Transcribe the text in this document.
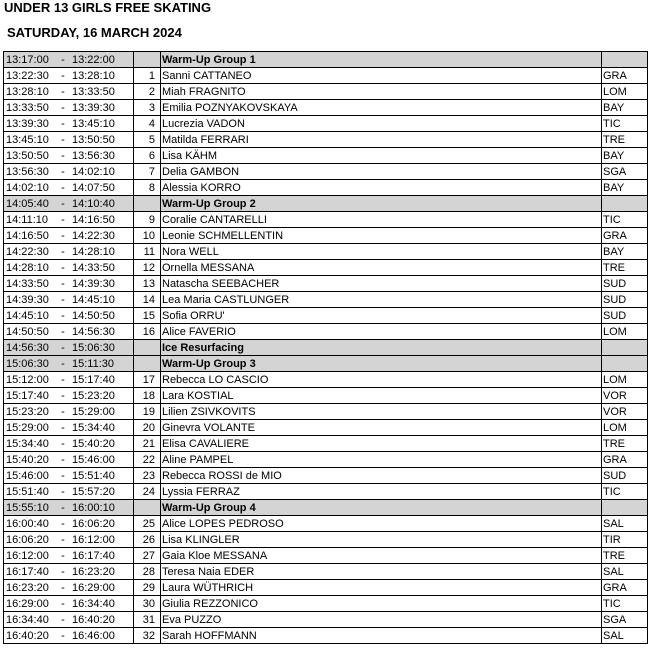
UNDER 13 GIRLS FREE SKATING
SATURDAY, 16 MARCH 2024
13:17:00 - 13:22:00		Warm-Up Group 1	
13:22:30 - 13:28:10	1	Sanni CATTANEO	GRA
13:28:10 - 13:33:50	2	Miah FRAGNITO	LOM
13:33:50 - 13:39:30	3	Emilia POZNYAKOVSKAYA	BAY
13:39:30 - 13:45:10	4	Lucrezia VADON	TIC
13:45:10 - 13:50:50	5	Matilda FERRARI	TRE
13:50:50 - 13:56:30	6	Lisa KÄHM	BAY
13:56:30 - 14:02:10	7	Delia GAMBON	SGA
14:02:10 - 14:07:50	8	Alessia KORRO	BAY
14:05:40 - 14:10:40		Warm-Up Group 2	
14:11:10 - 14:16:50	9	Coralie CANTARELLI	TIC
14:16:50 - 14:22:30	10	Leonie SCHMELLENTIN	GRA
14:22:30 - 14:28:10	11	Nora WELL	BAY
14:28:10 - 14:33:50	12	Ornella MESSANA	TRE
14:33:50 - 14:39:30	13	Natascha SEEBACHER	SUD
14:39:30 - 14:45:10	14	Lea Maria CASTLUNGER	SUD
14:45:10 - 14:50:50	15	Sofia ORRU'	SUD
14:50:50 - 14:56:30	16	Alice FAVERIO	LOM
14:56:30 - 15:06:30		Ice Resurfacing	
15:06:30 - 15:11:30		Warm-Up Group 3	
15:12:00 - 15:17:40	17	Rebecca LO CASCIO	LOM
15:17:40 - 15:23:20	18	Lara KOSTIAL	VOR
15:23:20 - 15:29:00	19	Lilien ZSIVKOVITS	VOR
15:29:00 - 15:34:40	20	Ginevra VOLANTE	LOM
15:34:40 - 15:40:20	21	Elisa CAVALIERE	TRE
15:40:20 - 15:46:00	22	Aline PAMPEL	GRA
15:46:00 - 15:51:40	23	Rebecca ROSSI de MIO	SUD
15:51:40 - 15:57:20	24	Lyssia FERRAZ	TIC
15:55:10 - 16:00:10		Warm-Up Group 4	
16:00:40 - 16:06:20	25	Alice LOPES PEDROSO	SAL
16:06:20 - 16:12:00	26	Lisa KLINGLER	TIR
16:12:00 - 16:17:40	27	Gaia Kloe MESSANA	TRE
16:17:40 - 16:23:20	28	Teresa Naia EDER	SAL
16:23:20 - 16:29:00	29	Laura WÜTHRICH	GRA
16:29:00 - 16:34:40	30	Giulia REZZONICO	TIC
16:34:40 - 16:40:20	31	Eva PUZZO	SGA
16:40:20 - 16:46:00	32	Sarah HOFFMANN	SAL
